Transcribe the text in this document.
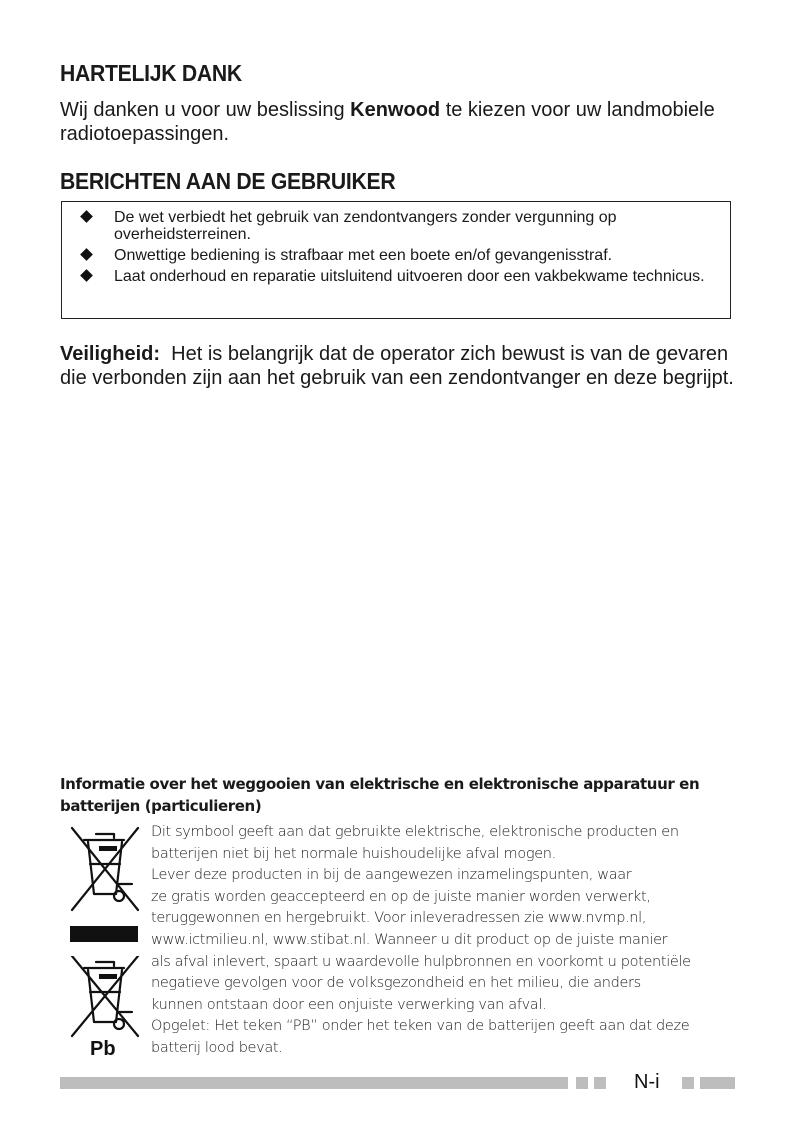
HARTELIJK DANK

Wij danken u voor uw beslissing Kenwood te kiezen voor uw landmobiele radiotoepassingen.

BERICHTEN AAN DE GEBRUIKER
De wet verbiedt het gebruik van zendontvangers zonder vergunning op overheidsterreinen.
Onwettige bediening is strafbaar met een boete en/of gevangenisstraf.
Laat onderhoud en reparatie uitsluitend uitvoeren door een vakbekwame technicus.

Veiligheid:  Het is belangrijk dat de operator zich bewust is van de gevaren die verbonden zijn aan het gebruik van een zendontvanger en deze begrijpt.

Informatie over het weggooien van elektrische en elektronische apparatuur en batterijen (particulieren)
Pb
Dit symbool geeft aan dat gebruikte elektrische, elektronische producten en
batterijen niet bij het normale huishoudelijke afval mogen.
Lever deze producten in bij de aangewezen inzamelingspunten, waar
ze gratis worden geaccepteerd en op de juiste manier worden verwerkt,
teruggewonnen en hergebruikt. Voor inleveradressen zie www.nvmp.nl,
www.ictmilieu.nl, www.stibat.nl. Wanneer u dit product op de juiste manier
als afval inlevert, spaart u waardevolle hulpbronnen en voorkomt u potentiële
negatieve gevolgen voor de volksgezondheid en het milieu, die anders
kunnen ontstaan door een onjuiste verwerking van afval.
Opgelet: Het teken “PB” onder het teken van de batterijen geeft aan dat deze
batterij lood bevat.
N-i
